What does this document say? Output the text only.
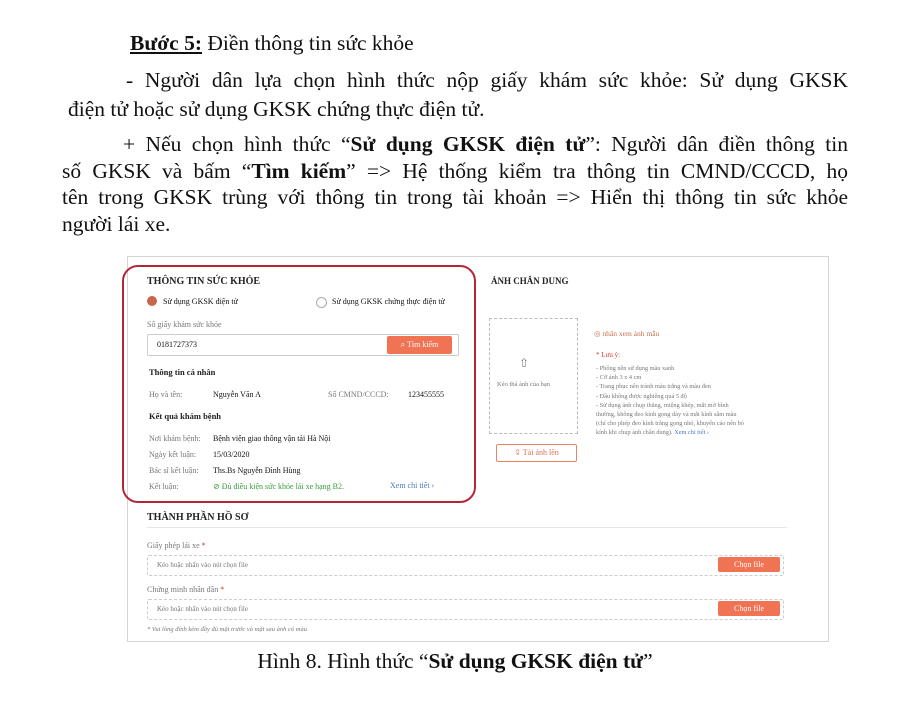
Bước 5: Điền thông tin sức khỏe

- Người dân lựa chọn hình thức nộp giấy khám sức khỏe: Sử dụng GKSK

điện tử hoặc sử dụng GKSK chứng thực điện tử.

+ Nếu chọn hình thức “Sử dụng GKSK điện tử”: Người dân điền thông tin

số GKSK và bấm “Tìm kiếm” => Hệ thống kiểm tra thông tin CMND/CCCD, họ

tên trong GKSK trùng với thông tin trong tài khoản => Hiển thị thông tin sức khỏe

người lái xe.

THÔNG TIN SỨC KHỎE
Sử dụng GKSK điện tử	Sử dụng GKSK chứng thực điện tử
Số giấy khám sức khỏe
0181727373	⌕ Tìm kiếm
Thông tin cá nhân
Họ và tên:	Nguyễn Văn A	Số CMND/CCCD: 123455555
Kết quả khám bệnh
Nơi khám bệnh: Bệnh viện giao thông vận tải Hà Nội
Ngày kết luận: 15/03/2020
Bác sĩ kết luận: Ths.Bs Nguyễn Đình Hùng
Kết luận:	⊘ Đủ điều kiện sức khỏe lái xe hạng B2.	Xem chi tiết ›
ẢNH CHÂN DUNG
⇧
Kéo thả ảnh của bạn
⇪ Tải ảnh lên
◎ nhấn xem ảnh mẫu
* Lưu ý:
- Phông nền sử dụng màu xanh
- Cỡ ảnh 3 x 4 cm
- Trang phục nên tránh màu trắng và màu đen
- Đầu không được nghiêng quá 5 độ
- Sử dụng ảnh chụp thẳng, miệng khép, mắt mở bình
thường, không đeo kính gọng dày và mắt kính sẫm màu
(chỉ cho phép đeo kính trắng gọng nhỏ, khuyến cáo nên bỏ
kính khi chụp ảnh chân dung). Xem chi tiết ›
THÀNH PHẦN HỒ SƠ
Giấy phép lái xe *
Kéo hoặc nhấn vào nút chọn file	Chọn file
Chứng minh nhân dân *
Kéo hoặc nhấn vào nút chọn file	Chọn file
* Vui lòng đính kèm đầy đủ mặt trước và mặt sau ảnh có màu
Hình 8. Hình thức “Sử dụng GKSK điện tử”
